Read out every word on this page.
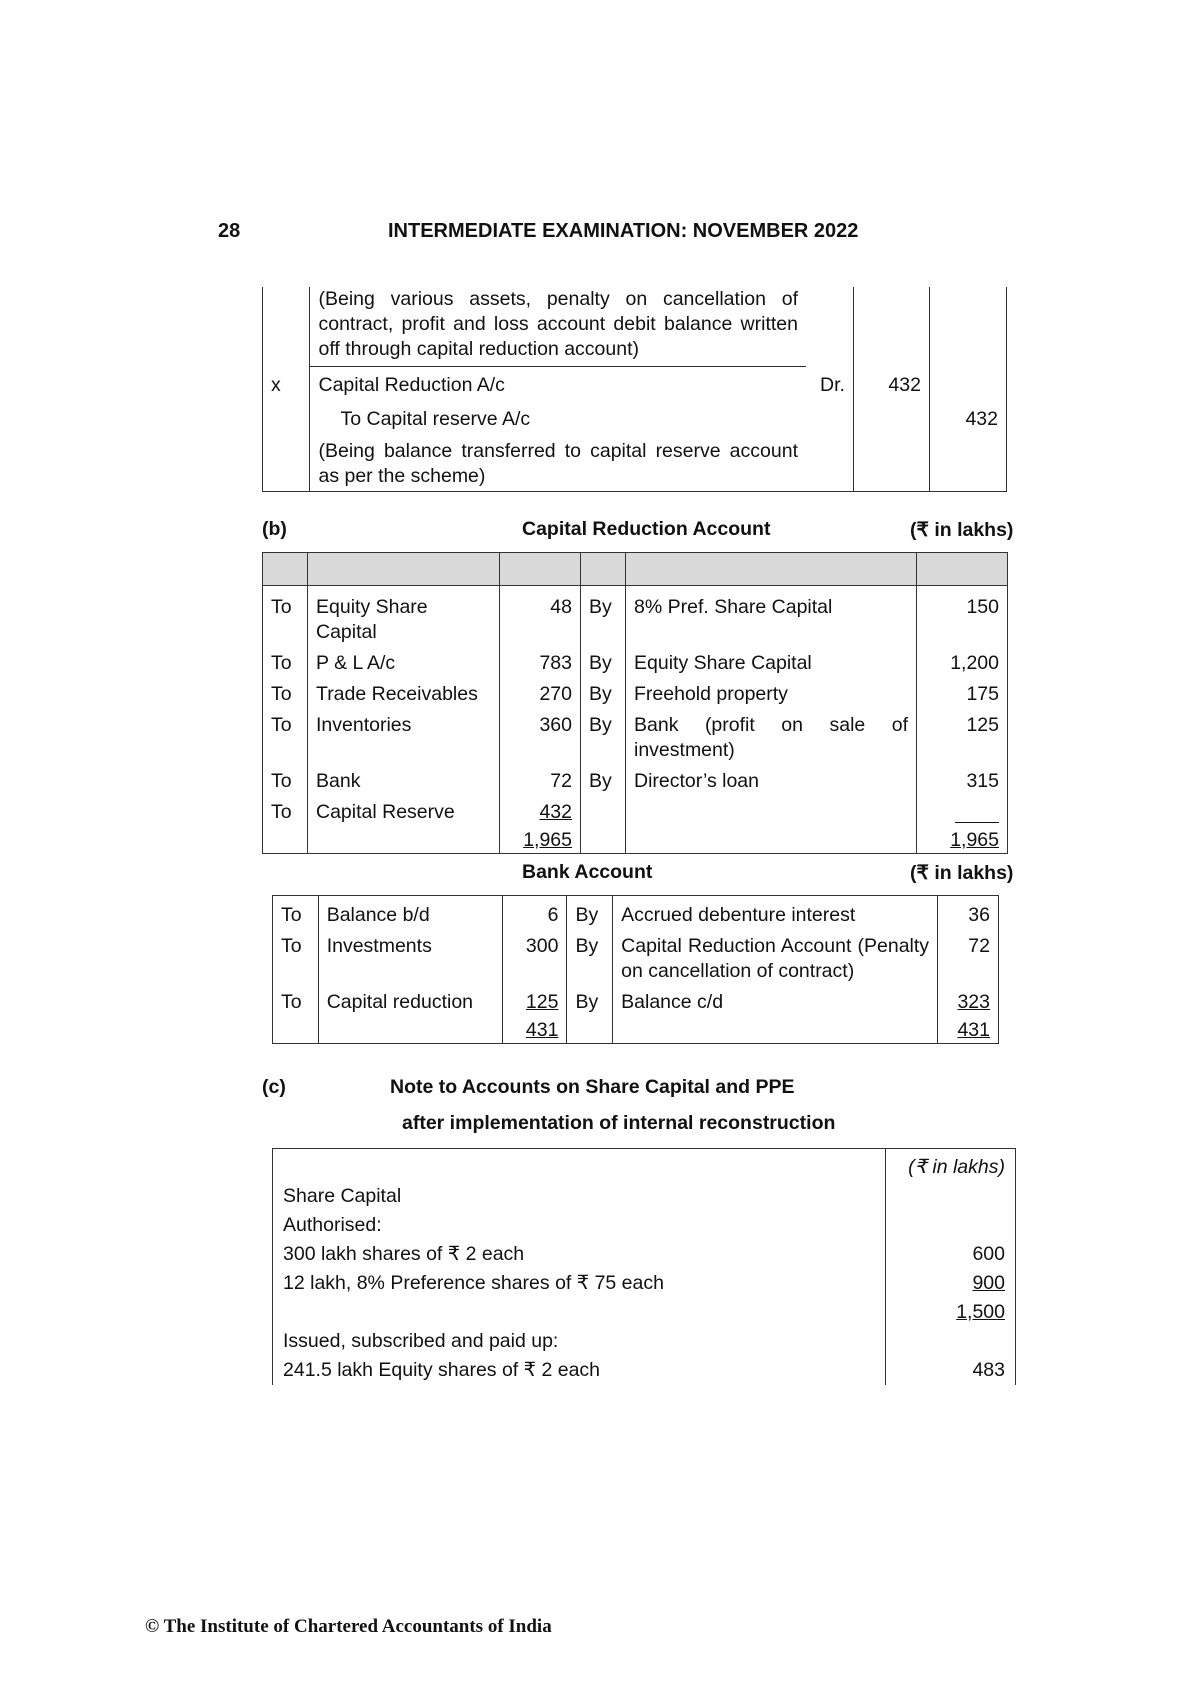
28	INTERMEDIATE EXAMINATION: NOVEMBER 2022
	(Being various assets, penalty on cancellation of contract, profit and loss account debit balance written off through capital reduction account)			
x	Capital Reduction A/c	Dr.	432	
	To Capital reserve A/c			432
	(Being balance transferred to capital reserve account as per the scheme)			
(b)	Capital Reduction Account	(₹ in lakhs)

To	Equity Share Capital	48	By	8% Pref. Share Capital	150
To	P & L A/c	783	By	Equity Share Capital	1,200
To	Trade Receivables	270	By	Freehold property	175
To	Inventories	360	By	Bank (profit on sale of investment)	125
To	Bank	72	By	Director’s loan	315
To	Capital Reserve	432			

		1,965			1,965
Bank Account	(₹ in lakhs)

To	Balance b/d	6	By	Accrued debenture interest	36
To	Investments	300	By	Capital Reduction Account (Penalty on cancellation of contract)	72
To	Capital reduction	125	By	Balance c/d	323
		431			431
(c)	Note to Accounts on Share Capital and PPE
after implementation of internal reconstruction
	(₹ in lakhs)
Share Capital	
Authorised:	
300 lakh shares of ₹ 2 each	600
12 lakh, 8% Preference shares of ₹ 75 each	900
	1,500
Issued, subscribed and paid up:	
241.5 lakh Equity shares of ₹ 2 each	483
© The Institute of Chartered Accountants of India
